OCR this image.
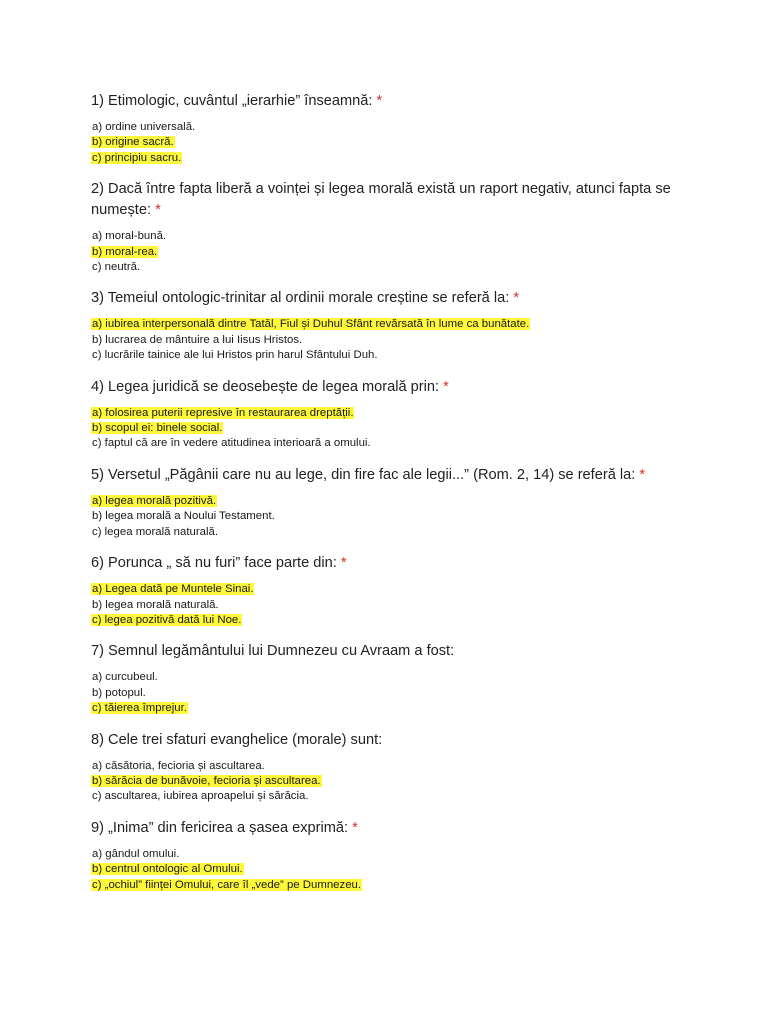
1) Etimologic, cuvântul „ierarhie” înseamnă: *
a) ordine universală.
b) origine sacră.
c) principiu sacru.
2) Dacă între fapta liberă a voinței și legea morală există un raport negativ, atunci fapta se numește: *
a) moral-bună.
b) moral-rea.
c) neutră.
3) Temeiul ontologic-trinitar al ordinii morale creștine se referă la: *
a) iubirea interpersonală dintre Tatăl, Fiul și Duhul Sfânt revărsată în lume ca bunătate.
b) lucrarea de mântuire a lui Iisus Hristos.
c) lucrările tainice ale lui Hristos prin harul Sfântului Duh.
4) Legea juridică se deosebește de legea morală prin: *
a) folosirea puterii represive în restaurarea dreptății.
b) scopul ei: binele social.
c) faptul că are în vedere atitudinea interioară a omului.
5) Versetul „Păgânii care nu au lege, din fire fac ale legii...” (Rom. 2, 14) se referă la: *
a) legea morală pozitivă.
b) legea morală a Noului Testament.
c) legea morală naturală.
6) Porunca „ să nu furi” face parte din: *
a) Legea dată pe Muntele Sinai.
b) legea morală naturală.
c) legea pozitivă dată lui Noe.
7) Semnul legământului lui Dumnezeu cu Avraam a fost:
a) curcubeul.
b) potopul.
c) tăierea împrejur.
8) Cele trei sfaturi evanghelice (morale) sunt:
a) căsătoria, fecioria și ascultarea.
b) sărăcia de bunăvoie, fecioria și ascultarea.
c) ascultarea, iubirea aproapelui și sărăcia.
9) „Inima” din fericirea a șasea exprimă: *
a) gândul omului.
b) centrul ontologic al Omului.
c) „ochiul” ființei Omului, care îl „vede” pe Dumnezeu.
